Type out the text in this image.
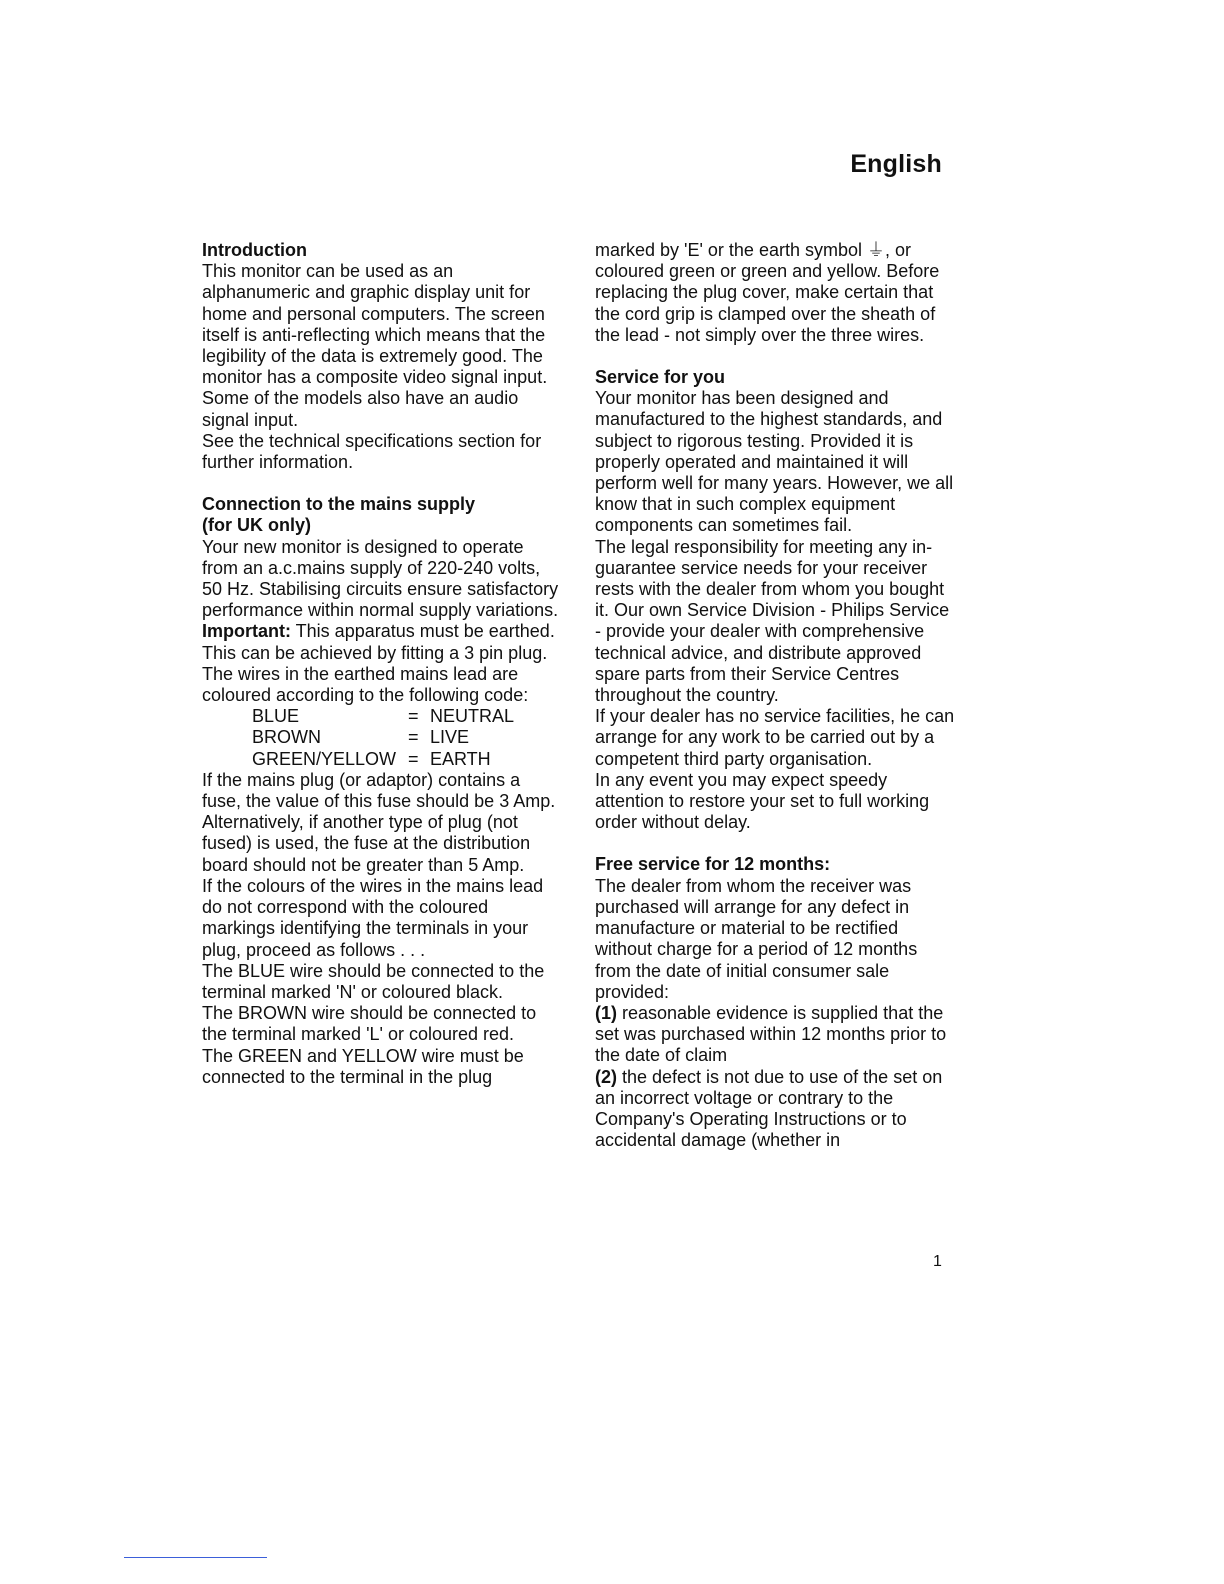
English
Introduction

This monitor can be used as an alphanumeric and graphic display unit for home and personal computers. The screen itself is anti-reflecting which means that the legibility of the data is extremely good. The monitor has a composite video signal input. Some of the models also have an audio signal input.
See the technical specifications section for further information.

Connection to the mains supply
(for UK only)

Your new monitor is designed to operate from an a.c.mains supply of 220-240 volts, 50 Hz. Stabilising circuits ensure satisfactory performance within normal supply variations.

Important: This apparatus must be earthed. This can be achieved by fitting a 3 pin plug. The wires in the earthed mains lead are coloured according to the following code:

BLUE	=	NEUTRAL
BROWN	=	LIVE
GREEN/YELLOW	=	EARTH

If the mains plug (or adaptor) contains a fuse, the value of this fuse should be 3 Amp. Alternatively, if another type of plug (not fused) is used, the fuse at the distribution board should not be greater than 5 Amp.
If the colours of the wires in the mains lead do not correspond with the coloured markings identifying the terminals in your plug, proceed as follows . . .
The BLUE wire should be connected to the terminal marked 'N' or coloured black.
The BROWN wire should be connected to the terminal marked 'L' or coloured red.
The GREEN and YELLOW wire must be connected to the terminal in the plug

marked by 'E' or the earth symbol ⏚, or coloured green or green and yellow. Before replacing the plug cover, make certain that the cord grip is clamped over the sheath of the lead - not simply over the three wires.

Service for you

Your monitor has been designed and manufactured to the highest standards, and subject to rigorous testing. Provided it is properly operated and maintained it will perform well for many years. However, we all know that in such complex equipment components can sometimes fail.
The legal responsibility for meeting any in-guarantee service needs for your receiver rests with the dealer from whom you bought it. Our own Service Division - Philips Service - provide your dealer with comprehensive technical advice, and distribute approved spare parts from their Service Centres throughout the country.
If your dealer has no service facilities, he can arrange for any work to be carried out by a competent third party organisation.
In any event you may expect speedy attention to restore your set to full working order without delay.

Free service for 12 months:

The dealer from whom the receiver was purchased will arrange for any defect in manufacture or material to be rectified without charge for a period of 12 months from the date of initial consumer sale provided:

(1) reasonable evidence is supplied that the set was purchased within 12 months prior to the date of claim

(2) the defect is not due to use of the set on an incorrect voltage or contrary to the Company's Operating Instructions or to accidental damage (whether in

1
